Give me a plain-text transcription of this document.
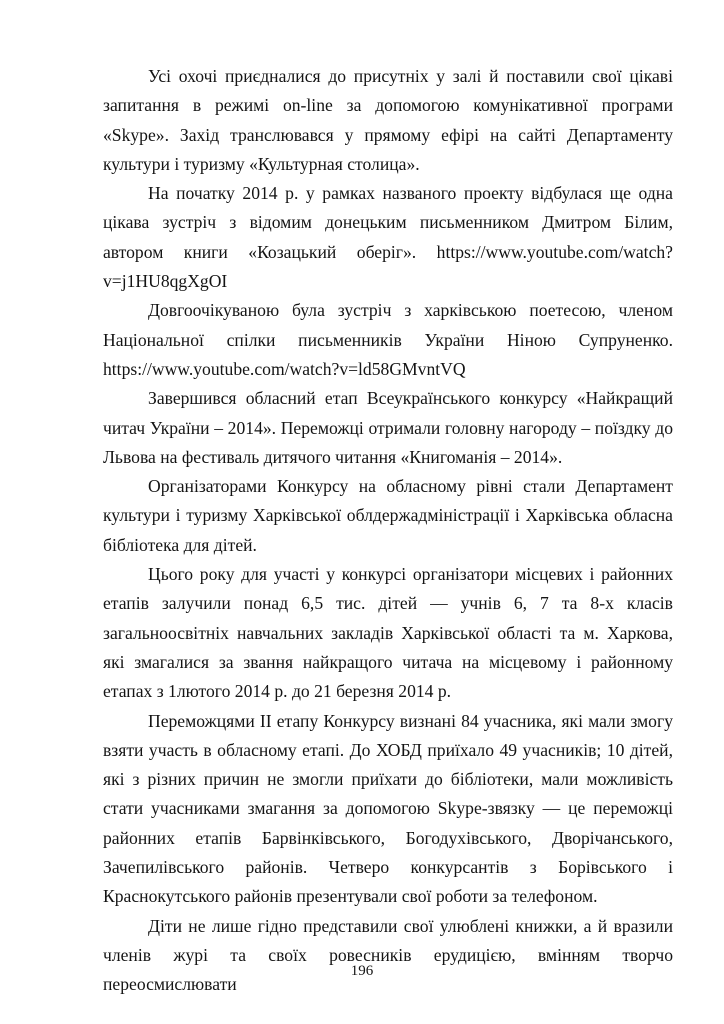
Усі охочі приєдналися до присутніх у залі й поставили свої цікаві запитання в режимі on-line за допомогою комунікативної програми «Skype». Захід транслювався у прямому ефірі на сайті Департаменту культури і туризму «Культурная столица».

На початку 2014 р. у рамках названого проекту відбулася ще одна цікава зустріч з відомим донецьким письменником Дмитром Білим, автором книги «Козацький оберіг». https://www.youtube.com/watch?v=j1HU8qgXgOI

Довгоочікуваною була зустріч з харківською поетесою, членом Національної спілки письменників України Ніною Супруненко. https://www.youtube.com/watch?v=ld58GMvntVQ

Завершився обласний етап Всеукраїнського конкурсу «Найкращий читач України – 2014». Переможці отримали головну нагороду – поїздку до Львова на фестиваль дитячого читання «Книгоманія – 2014».

Організаторами Конкурсу на обласному рівні стали Департамент культури і туризму Харківської облдержадміністрації і Харківська обласна бібліотека для дітей.

Цього року для участі у конкурсі організатори місцевих і районних етапів залучили понад 6,5 тис. дітей — учнів 6, 7 та 8-х класів загальноосвітніх навчальних закладів Харківської області та м. Харкова, які змагалися за звання найкращого читача на місцевому і районному етапах з 1лютого 2014 р. до 21 березня 2014 р.

Переможцями ІІ етапу Конкурсу визнані 84 учасника, які мали змогу взяти участь в обласному етапі. До ХОБД приїхало 49 учасників; 10 дітей, які з різних причин не змогли приїхати до бібліотеки, мали можливість стати учасниками змагання за допомогою Skype-звязку — це переможці районних етапів Барвінківського, Богодухівського, Дворічанського, Зачепилівського районів. Четверо конкурсантів з Борівського і Краснокутського районів презентували свої роботи за телефоном.

Діти не лише гідно представили свої улюблені книжки, а й вразили членів журі та своїх ровесників ерудицією, вмінням творчо переосмислювати

196
